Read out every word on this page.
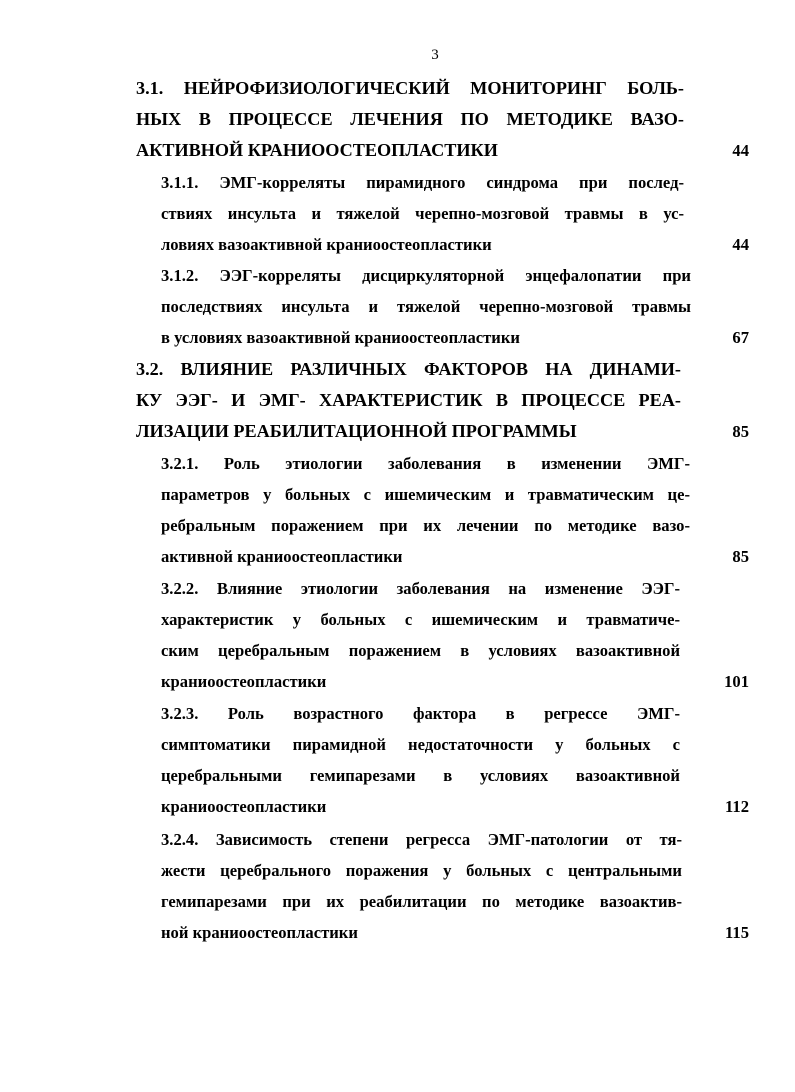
3
3.1. НЕЙРОФИЗИОЛОГИЧЕСКИЙ МОНИТОРИНГ БОЛЬ-
НЫХ В ПРОЦЕССЕ ЛЕЧЕНИЯ ПО МЕТОДИКЕ ВАЗО-
АКТИВНОЙ КРАНИООСТЕОПЛАСТИКИ	44
3.1.1. ЭМГ-корреляты пирамидного синдрома при послед-
ствиях инсульта и тяжелой черепно-мозговой травмы в ус-
ловиях вазоактивной краниоостеопластики	44
3.1.2. ЭЭГ-корреляты дисциркуляторной энцефалопатии при
последствиях инсульта и тяжелой черепно-мозговой травмы
в условиях вазоактивной краниоостеопластики	67
3.2. ВЛИЯНИЕ РАЗЛИЧНЫХ ФАКТОРОВ НА ДИНАМИ-
КУ ЭЭГ- И ЭМГ- ХАРАКТЕРИСТИК В ПРОЦЕССЕ РЕА-
ЛИЗАЦИИ РЕАБИЛИТАЦИОННОЙ ПРОГРАММЫ	85
3.2.1. Роль этиологии заболевания в изменении ЭМГ-
параметров у больных с ишемическим и травматическим це-
ребральным поражением при их лечении по методике вазо-
активной краниоостеопластики	85
3.2.2. Влияние этиологии заболевания на изменение ЭЭГ-
характеристик у больных с ишемическим и травматиче-
ским церебральным поражением в условиях вазоактивной
краниоостеопластики	101
3.2.3. Роль возрастного фактора в регрессе ЭМГ-
симптоматики пирамидной недостаточности у больных с
церебральными гемипарезами в условиях вазоактивной
краниоостеопластики	112
3.2.4. Зависимость степени регресса ЭМГ-патологии от тя-
жести церебрального поражения у больных с центральными
гемипарезами при их реабилитации по методике вазоактив-
ной краниоостеопластики	115
